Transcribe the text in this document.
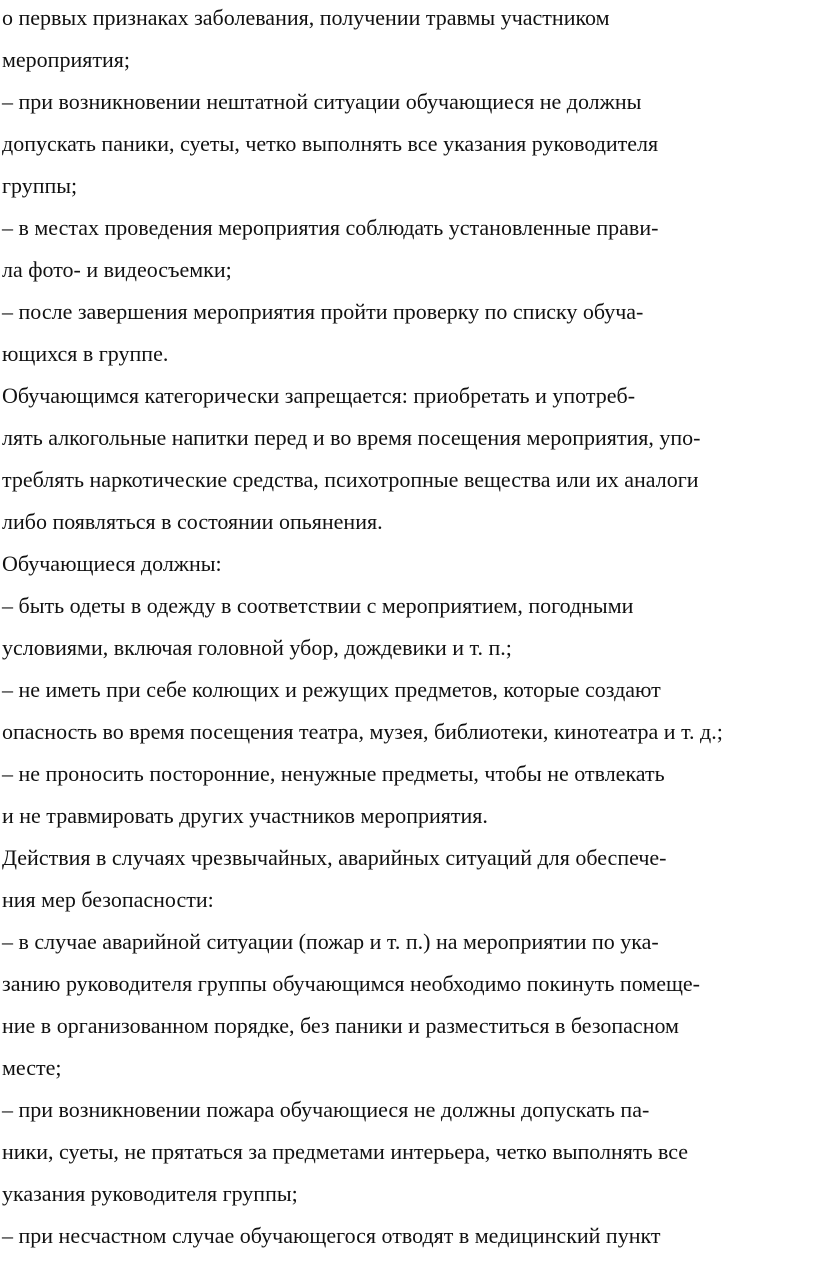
о первых признаках заболевания, получении травмы участником
мероприятия;
– при возникновении нештатной ситуации обучающиеся не должны
допускать паники, суеты, четко выполнять все указания руководителя
группы;
– в местах проведения мероприятия соблюдать установленные прави-
ла фото- и видеосъемки;
– после завершения мероприятия пройти проверку по списку обуча-
ющихся в группе.
Обучающимся категорически запрещается: приобретать и употреб-
лять алкогольные напитки перед и во время посещения мероприятия, упо-
треблять наркотические средства, психотропные вещества или их аналоги
либо появляться в состоянии опьянения.
Обучающиеся должны:
– быть одеты в одежду в соответствии с мероприятием, погодными
условиями, включая головной убор, дождевики и т. п.;
– не иметь при себе колющих и режущих предметов, которые создают
опасность во время посещения театра, музея, библиотеки, кинотеатра и т. д.;
– не проносить посторонние, ненужные предметы, чтобы не отвлекать
и не травмировать других участников мероприятия.
Действия в случаях чрезвычайных, аварийных ситуаций для обеспече-
ния мер безопасности:
– в случае аварийной ситуации (пожар и т. п.) на мероприятии по ука-
занию руководителя группы обучающимся необходимо покинуть помеще-
ние в организованном порядке, без паники и разместиться в безопасном
месте;
– при возникновении пожара обучающиеся не должны допускать па-
ники, суеты, не прятаться за предметами интерьера, четко выполнять все
указания руководителя группы;
– при несчастном случае обучающегося отводят в медицинский пункт
